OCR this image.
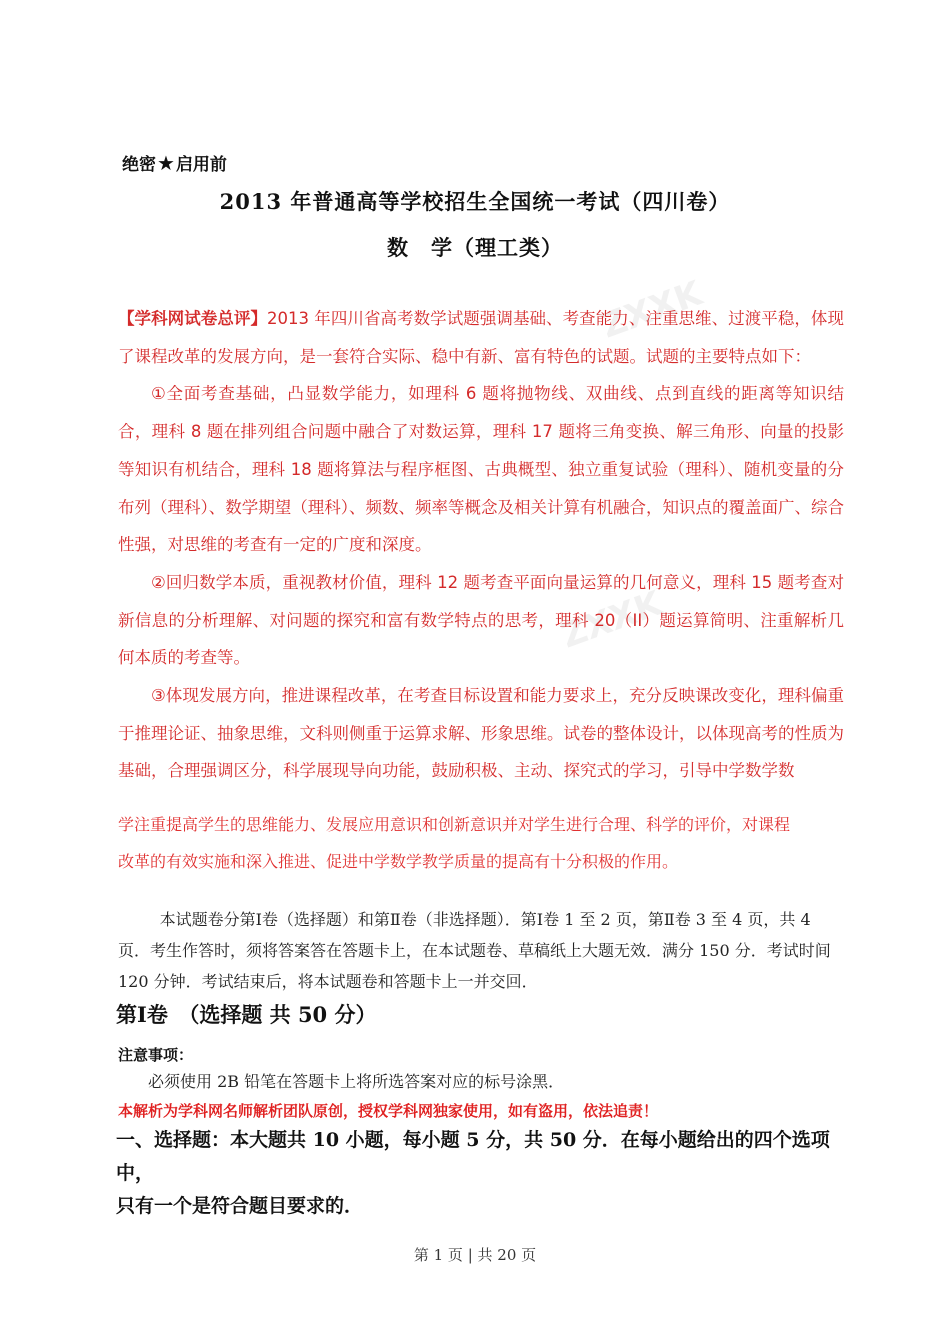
ZXXK
ZXXK
绝密★启用前
2013 年普通高等学校招生全国统一考试（四川卷）
数　学（理工类）

【学科网试卷总评】2013 年四川省高考数学试题强调基础、考查能力、注重思维、过渡平稳，体现了课程改革的发展方向，是一套符合实际、稳中有新、富有特色的试题。试题的主要特点如下：

①全面考查基础，凸显数学能力，如理科 6 题将抛物线、双曲线、点到直线的距离等知识结合，理科 8 题在排列组合问题中融合了对数运算，理科 17 题将三角变换、解三角形、向量的投影等知识有机结合，理科 18 题将算法与程序框图、古典概型、独立重复试验（理科）、随机变量的分布列（理科）、数学期望（理科）、频数、频率等概念及相关计算有机融合，知识点的覆盖面广、综合性强，对思维的考查有一定的广度和深度。

②回归数学本质，重视教材价值，理科 12 题考查平面向量运算的几何意义，理科 15 题考查对新信息的分析理解、对问题的探究和富有数学特点的思考，理科 20（II）题运算简明、注重解析几何本质的考查等。

③体现发展方向，推进课程改革，在考查目标设置和能力要求上，充分反映课改变化，理科偏重于推理论证、抽象思维，文科则侧重于运算求解、形象思维。试卷的整体设计，以体现高考的性质为基础，合理强调区分，科学展现导向功能，鼓励积极、主动、探究式的学习，引导中学数学数

学注重提高学生的思维能力、发展应用意识和创新意识并对学生进行合理、科学的评价，对课程

改革的有效实施和深入推进、促进中学数学教学质量的提高有十分积极的作用。

本试题卷分第Ⅰ卷（选择题）和第Ⅱ卷（非选择题）．第Ⅰ卷 1 至 2 页，第Ⅱ卷 3 至 4 页，共 4 页．考生作答时，须将答案答在答题卡上，在本试题卷、草稿纸上大题无效．满分 150 分．考试时间 120 分钟．考试结束后，将本试题卷和答题卡上一并交回．

第Ⅰ卷　（选择题 共 50 分）
注意事项：
必须使用 2B 铅笔在答题卡上将所选答案对应的标号涂黑．
本解析为学科网名师解析团队原创，授权学科网独家使用，如有盗用，依法追责！

一、选择题：本大题共 10 小题，每小题 5 分，共 50 分．在每小题给出的四个选项中，

只有一个是符合题目要求的．

第 1 页 | 共 20 页
